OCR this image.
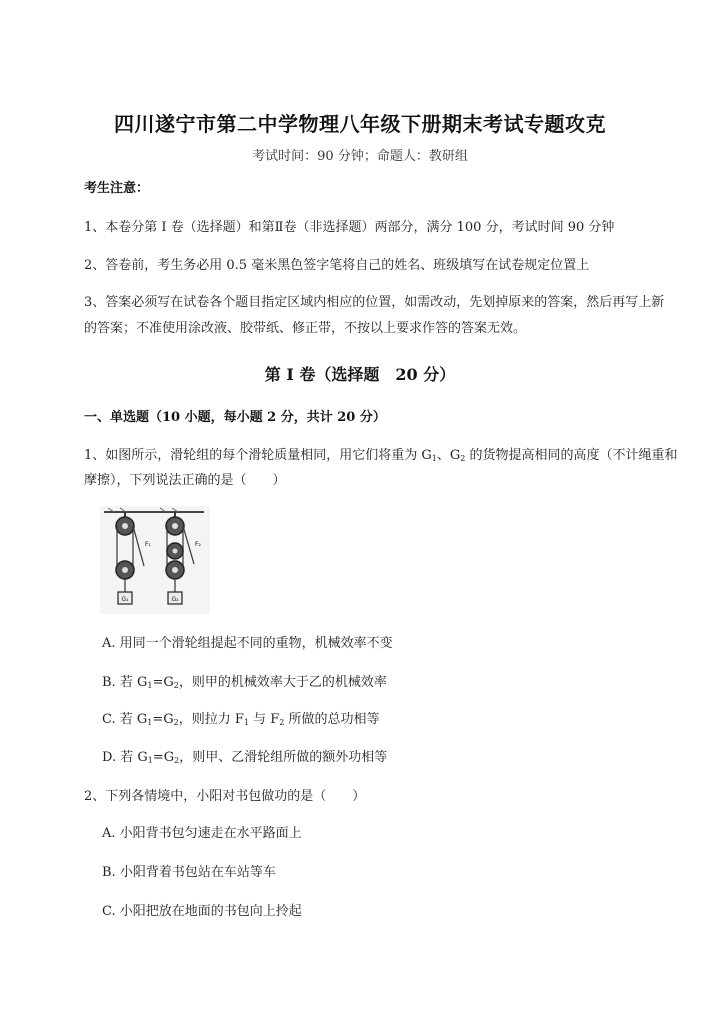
四川遂宁市第二中学物理八年级下册期末考试专题攻克
考试时间：90 分钟；命题人：教研组
考生注意：
1、本卷分第 I 卷（选择题）和第Ⅱ卷（非选择题）两部分，满分 100 分，考试时间 90 分钟
2、答卷前，考生务必用 0.5 毫米黑色签字笔将自己的姓名、班级填写在试卷规定位置上
3、答案必须写在试卷各个题目指定区域内相应的位置，如需改动，先划掉原来的答案，然后再写上新的答案；不准使用涂改液、胶带纸、修正带，不按以上要求作答的答案无效。
第 I 卷（选择题　20 分）
一、单选题（10 小题，每小题 2 分，共计 20 分）
1、如图所示，滑轮组的每个滑轮质量相同，用它们将重为 $G_1$、$G_2$ 的货物提高相同的高度（不计绳重和
摩擦），下列说法正确的是（　　）
G₁
F₁
G₂
F₂
A. 用同一个滑轮组提起不同的重物，机械效率不变
B. 若 $G_1=G_2$，则甲的机械效率大于乙的机械效率
C. 若 $G_1=G_2$，则拉力 $F_1$ 与 $F_2$ 所做的总功相等
D. 若 $G_1=G_2$，则甲、乙滑轮组所做的额外功相等
2、下列各情境中，小阳对书包做功的是（　　）
A. 小阳背书包匀速走在水平路面上
B. 小阳背着书包站在车站等车
C. 小阳把放在地面的书包向上拎起
